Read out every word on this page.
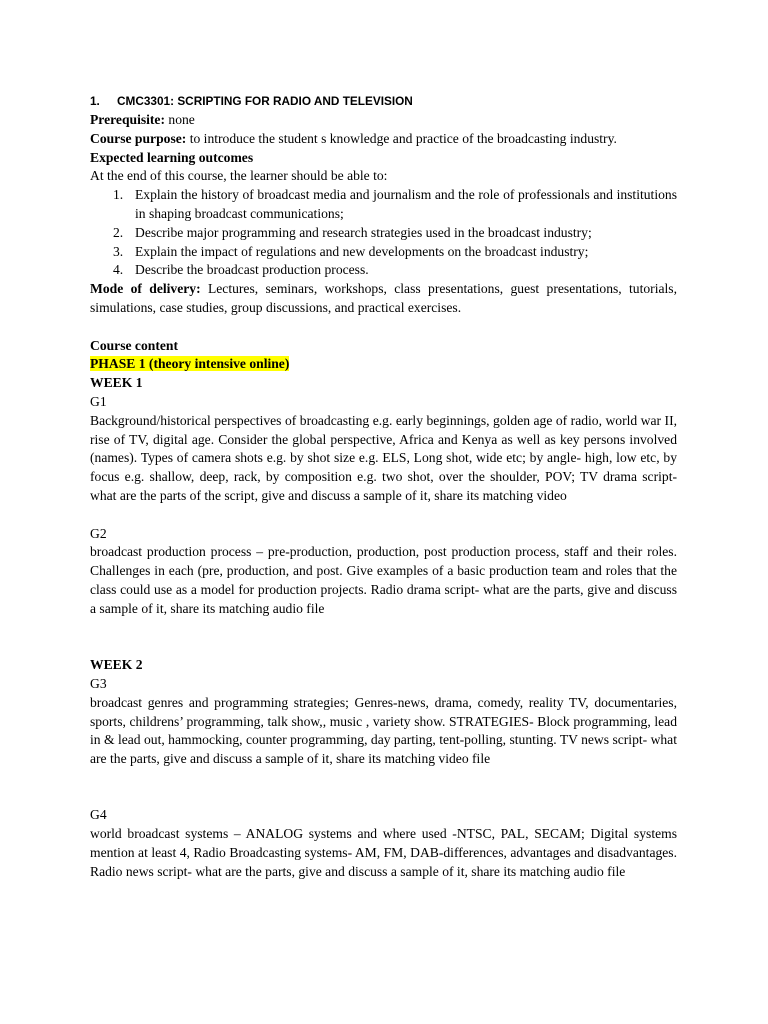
1. CMC3301: SCRIPTING FOR RADIO AND TELEVISION

Prerequisite: none

Course purpose: to introduce the student s knowledge and practice of the broadcasting industry.

Expected learning outcomes

At the end of this course, the learner should be able to:

1. Explain the history of broadcast media and journalism and the role of professionals and institutions in shaping broadcast communications;
2. Describe major programming and research strategies used in the broadcast industry;
3. Explain the impact of regulations and new developments on the broadcast industry;
4. Describe the broadcast production process.

Mode of delivery: Lectures, seminars, workshops, class presentations, guest presentations, tutorials, simulations, case studies, group discussions, and practical exercises.

Course content

PHASE 1 (theory intensive online)

WEEK 1

G1

Background/historical perspectives of broadcasting e.g. early beginnings, golden age of radio, world war II, rise of TV, digital age. Consider the global perspective, Africa and Kenya as well as key persons involved (names). Types of camera shots e.g. by shot size e.g. ELS, Long shot, wide etc; by angle- high, low etc, by focus e.g. shallow, deep, rack, by composition e.g. two shot, over the shoulder, POV; TV drama script- what are the parts of the script, give and discuss a sample of it, share its matching video

G2

broadcast production process – pre-production, production, post production process, staff and their roles. Challenges in each (pre, production, and post. Give examples of a basic production team and roles that the class could use as a model for production projects. Radio drama script- what are the parts, give and discuss a sample of it, share its matching audio file

WEEK 2

G3

broadcast genres and programming strategies; Genres-news, drama, comedy, reality TV, documentaries, sports, childrens’ programming, talk show,, music , variety show. STRATEGIES- Block programming, lead in & lead out, hammocking, counter programming, day parting, tent-polling, stunting. TV news script- what are the parts, give and discuss a sample of it, share its matching video file

G4

world broadcast systems – ANALOG systems and where used -NTSC, PAL, SECAM; Digital systems mention at least 4, Radio Broadcasting systems- AM, FM, DAB-differences, advantages and disadvantages. Radio news script- what are the parts, give and discuss a sample of it, share its matching audio file
